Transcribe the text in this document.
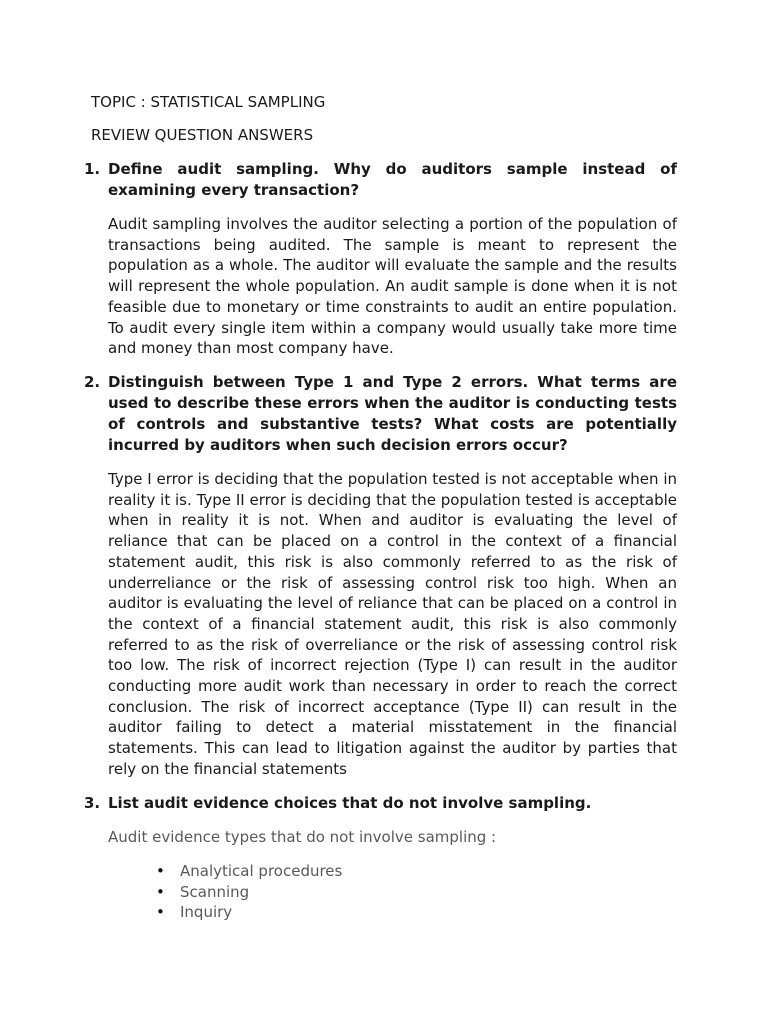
TOPIC : STATISTICAL SAMPLING

REVIEW QUESTION ANSWERS

1. Define audit sampling. Why do auditors sample instead of examining every transaction?

Audit sampling involves the auditor selecting a portion of the population of transactions being audited. The sample is meant to represent the population as a whole. The auditor will evaluate the sample and the results will represent the whole population. An audit sample is done when it is not feasible due to monetary or time constraints to audit an entire population. To audit every single item within a company would usually take more time and money than most company have.

2. Distinguish between Type 1 and Type 2 errors. What terms are used to describe these errors when the auditor is conducting tests of controls and substantive tests? What costs are potentially incurred by auditors when such decision errors occur?

Type I error is deciding that the population tested is not acceptable when in reality it is. Type II error is deciding that the population tested is acceptable when in reality it is not. When and auditor is evaluating the level of reliance that can be placed on a control in the context of a financial statement audit, this risk is also commonly referred to as the risk of underreliance or the risk of assessing control risk too high. When an auditor is evaluating the level of reliance that can be placed on a control in the context of a financial statement audit, this risk is also commonly referred to as the risk of overreliance or the risk of assessing control risk too low. The risk of incorrect rejection (Type I) can result in the auditor conducting more audit work than necessary in order to reach the correct conclusion. The risk of incorrect acceptance (Type II) can result in the auditor failing to detect a material misstatement in the financial statements. This can lead to litigation against the auditor by parties that rely on the financial statements

3. List audit evidence choices that do not involve sampling.

Audit evidence types that do not involve sampling :

• Analytical procedures
• Scanning
• Inquiry
